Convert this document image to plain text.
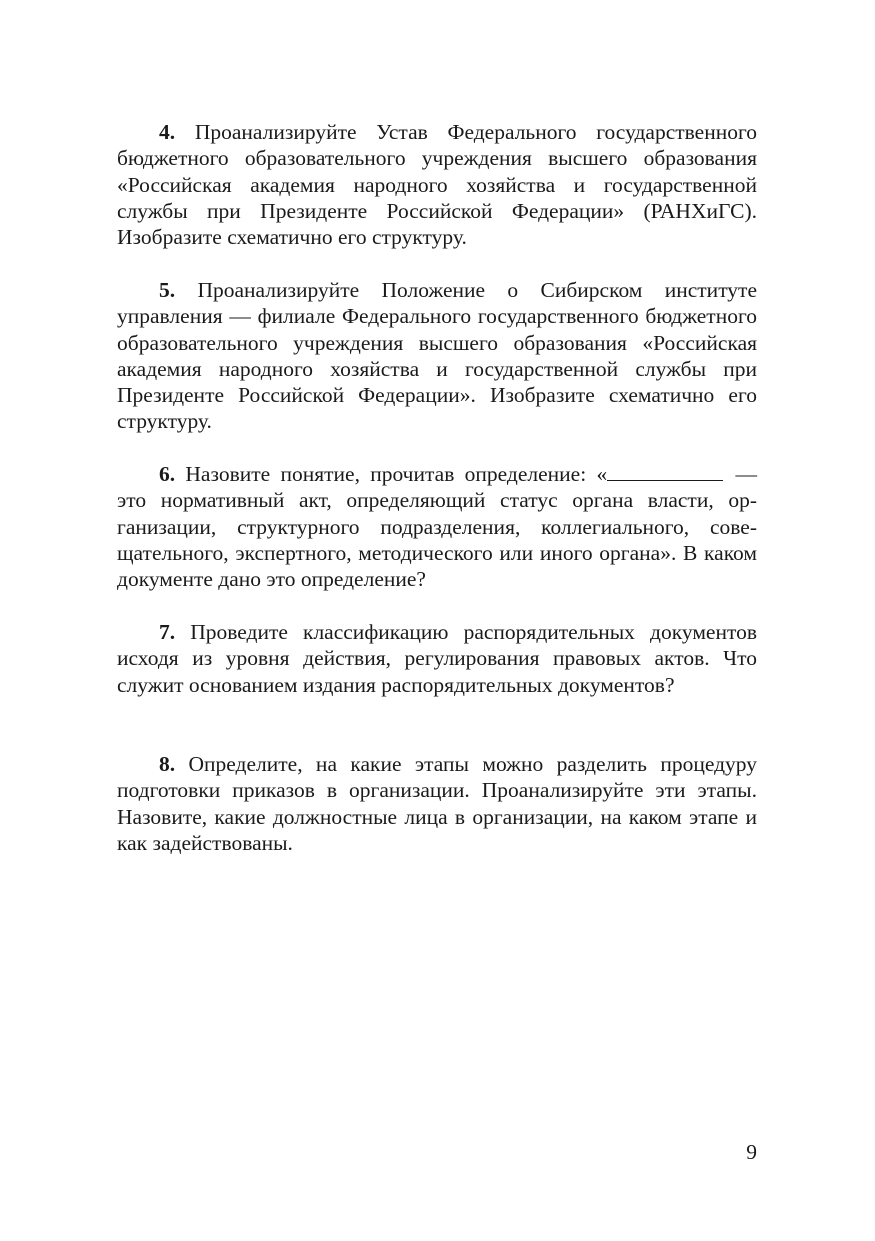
4. Проанализируйте Устав Федерального государственного бюджетного образовательного учреждения высшего образования «Российская академия народного хозяйства и государственной службы при Президенте Российской Федерации» (РАНХиГС). Изобразите схематично его структуру.

5. Проанализируйте Положение о Сибирском институте управления — филиале Федерального государственного бюджетного образовательного учреждения высшего образования «Российская академия народного хозяйства и государственной службы при Президенте Российской Федерации». Изобразите схематично его структуру.

6. Назовите понятие, прочитав определение: «	— это нормативный акт, определяющий статус органа власти, организации, структурного подразделения, коллегиального, совещательного, экспертного, методического или иного органа». В каком документе дано это определение?

7. Проведите классификацию распорядительных документов исходя из уровня действия, регулирования правовых актов. Что служит основанием издания распорядительных документов?

8. Определите, на какие этапы можно разделить процедуру подготовки приказов в организации. Проанализируйте эти этапы. Назовите, какие должностные лица в организации, на каком этапе и как задействованы.

9
